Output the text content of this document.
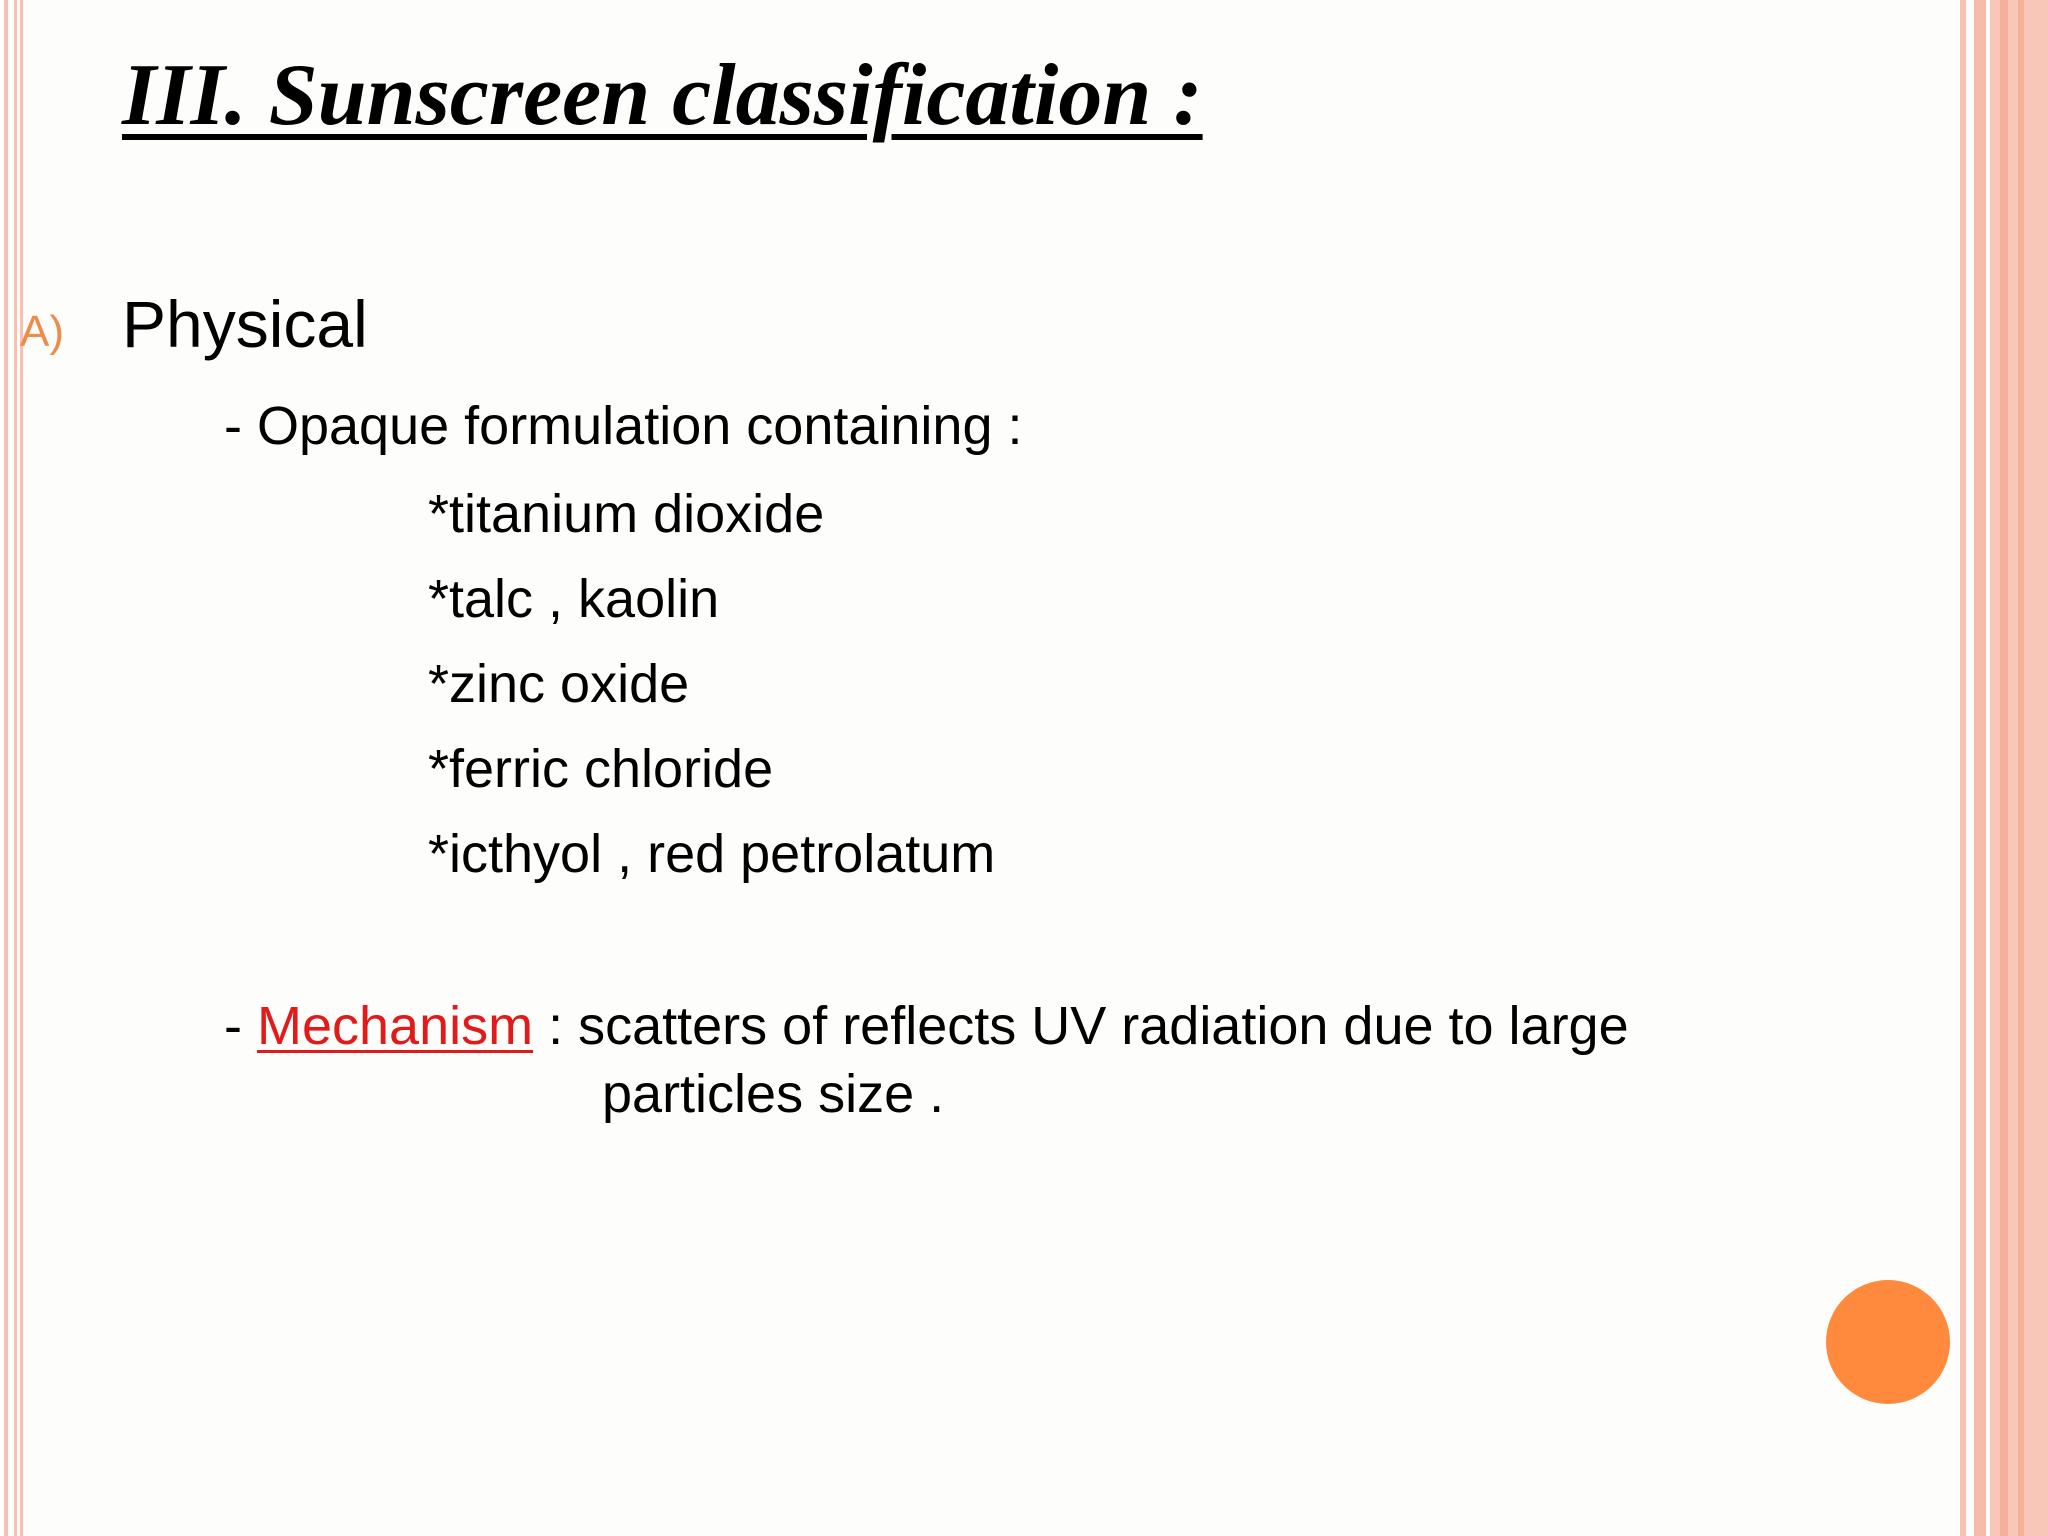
III. Sunscreen classification :
A) Physical
- Opaque formulation containing :
*titanium dioxide
*talc , kaolin
*zinc oxide
*ferric chloride
*icthyol , red petrolatum
- Mechanism : scatters of reflects UV radiation due to large
particles size .
